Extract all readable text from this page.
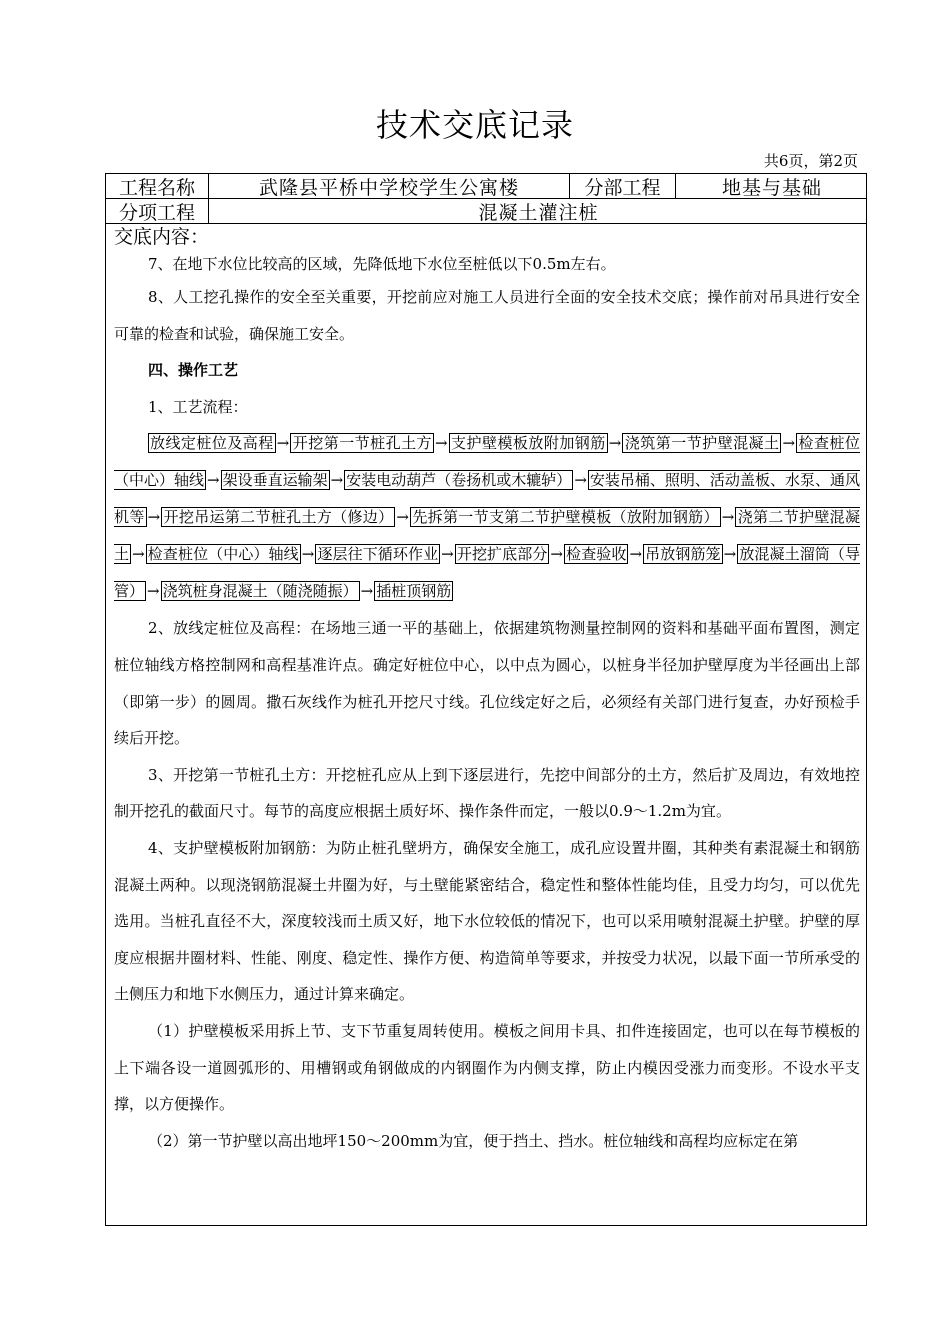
技术交底记录
共6页，第2页
工程名称	武隆县平桥中学校学生公寓楼	分部工程	地基与基础
分项工程	混凝土灌注桩
交底内容：

7、在地下水位比较高的区域，先降低地下水位至桩低以下0.5m左右。

8、人工挖孔操作的安全至关重要，开挖前应对施工人员进行全面的安全技术交底；操作前对吊具进行安全可靠的检查和试验，确保施工安全。

四、操作工艺

1、工艺流程：

放线定桩位及高程 → 开挖第一节桩孔土方 → 支护壁模板放附加钢筋 → 浇筑第一节护壁混凝土 → 检查桩位（中心）轴线 → 架设垂直运输架 → 安装电动葫芦（卷扬机或木辘轳） → 安装吊桶、照明、活动盖板、水泵、通风机等 → 开挖吊运第二节桩孔土方（修边） → 先拆第一节支第二节护壁模板（放附加钢筋） → 浇第二节护壁混凝土 → 检查桩位（中心）轴线 → 逐层往下循环作业 → 开挖扩底部分 → 检查验收 → 吊放钢筋笼 → 放混凝土溜筒（导管） → 浇筑桩身混凝土（随浇随振） → 插桩顶钢筋

2、放线定桩位及高程：在场地三通一平的基础上，依据建筑物测量控制网的资料和基础平面布置图，测定桩位轴线方格控制网和高程基准许点。确定好桩位中心，以中点为圆心，以桩身半径加护壁厚度为半径画出上部（即第一步）的圆周。撒石灰线作为桩孔开挖尺寸线。孔位线定好之后，必须经有关部门进行复查，办好预检手续后开挖。

3、开挖第一节桩孔土方：开挖桩孔应从上到下逐层进行，先挖中间部分的土方，然后扩及周边，有效地控制开挖孔的截面尺寸。每节的高度应根据土质好坏、操作条件而定，一般以0.9～1.2m为宜。

4、支护壁模板附加钢筋：为防止桩孔壁坍方，确保安全施工，成孔应设置井圈，其种类有素混凝土和钢筋混凝土两种。以现浇钢筋混凝土井圈为好，与土壁能紧密结合，稳定性和整体性能均佳，且受力均匀，可以优先选用。当桩孔直径不大，深度较浅而土质又好，地下水位较低的情况下，也可以采用喷射混凝土护壁。护壁的厚度应根据井圈材料、性能、刚度、稳定性、操作方便、构造简单等要求，并按受力状况，以最下面一节所承受的土侧压力和地下水侧压力，通过计算来确定。

（1）护壁模板采用拆上节、支下节重复周转使用。模板之间用卡具、扣件连接固定，也可以在每节模板的上下端各设一道圆弧形的、用槽钢或角钢做成的内钢圈作为内侧支撑，防止内模因受涨力而变形。不设水平支撑，以方便操作。

（2）第一节护壁以高出地坪150～200mm为宜，便于挡土、挡水。桩位轴线和高程均应标定在第
